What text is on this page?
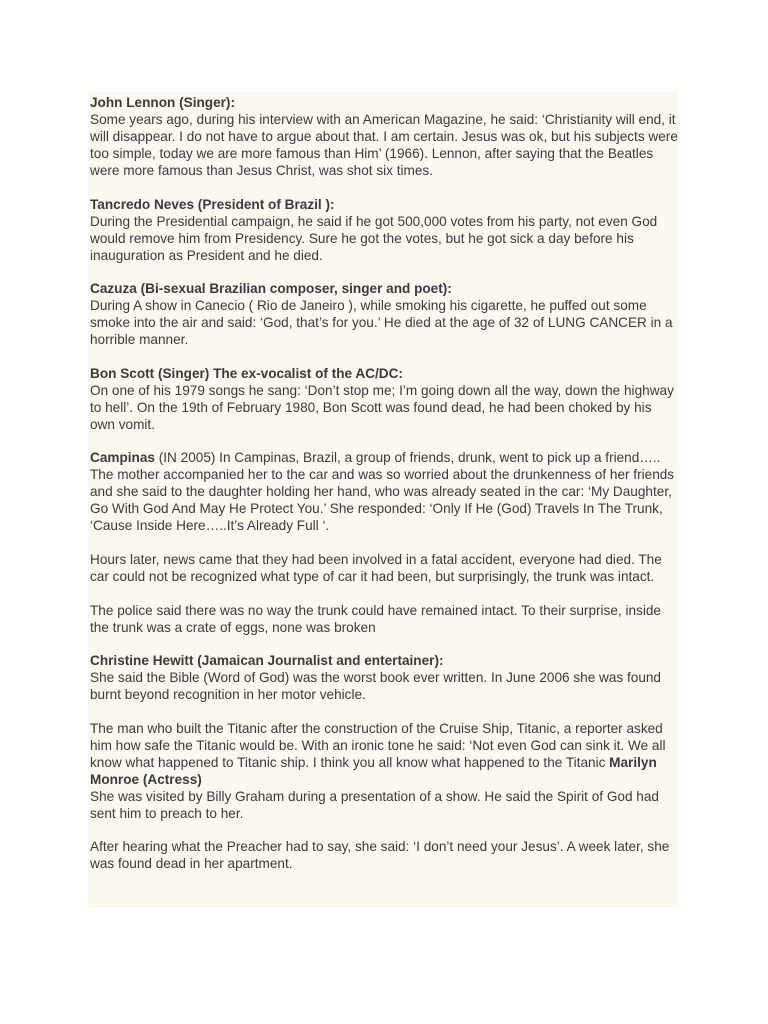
John Lennon (Singer):

Some years ago, during his interview with an American Magazine, he said: ‘Christianity will end, it will disappear. I do not have to argue about that. I am certain. Jesus was ok, but his subjects were too simple, today we are more famous than Him’ (1966). Lennon, after saying that the Beatles were more famous than Jesus Christ, was shot six times.

Tancredo Neves (President of Brazil ):

During the Presidential campaign, he said if he got 500,000 votes from his party, not even God would remove him from Presidency. Sure he got the votes, but he got sick a day before his inauguration as President and he died.

Cazuza (Bi-sexual Brazilian composer, singer and poet):

During A show in Canecio ( Rio de Janeiro ), while smoking his cigarette, he puffed out some smoke into the air and said: ‘God, that’s for you.’ He died at the age of 32 of LUNG CANCER in a horrible manner.

Bon Scott (Singer) The ex-vocalist of the AC/DC:

On one of his 1979 songs he sang: ‘Don’t stop me; I’m going down all the way, down the highway to hell’. On the 19th of February 1980, Bon Scott was found dead, he had been choked by his own vomit.

Campinas (IN 2005) In Campinas, Brazil, a group of friends, drunk, went to pick up a friend…..

The mother accompanied her to the car and was so worried about the drunkenness of her friends and she said to the daughter holding her hand, who was already seated in the car: ‘My Daughter, Go With God And May He Protect You.’ She responded: ‘Only If He (God) Travels In The Trunk, ‘Cause Inside Here…..It’s Already Full ‘.

Hours later, news came that they had been involved in a fatal accident, everyone had died. The car could not be recognized what type of car it had been, but surprisingly, the trunk was intact.

The police said there was no way the trunk could have remained intact. To their surprise, inside the trunk was a crate of eggs, none was broken

Christine Hewitt (Jamaican Journalist and entertainer):

She said the Bible (Word of God) was the worst book ever written. In June 2006 she was found burnt beyond recognition in her motor vehicle.

The man who built the Titanic after the construction of the Cruise Ship, Titanic, a reporter asked him how safe the Titanic would be. With an ironic tone he said: ‘Not even God can sink it. We all know what happened to Titanic ship. I think you all know what happened to the Titanic Marilyn Monroe (Actress)

She was visited by Billy Graham during a presentation of a show. He said the Spirit of God had sent him to preach to her.

After hearing what the Preacher had to say, she said: ‘I don’t need your Jesus’. A week later, she was found dead in her apartment.
